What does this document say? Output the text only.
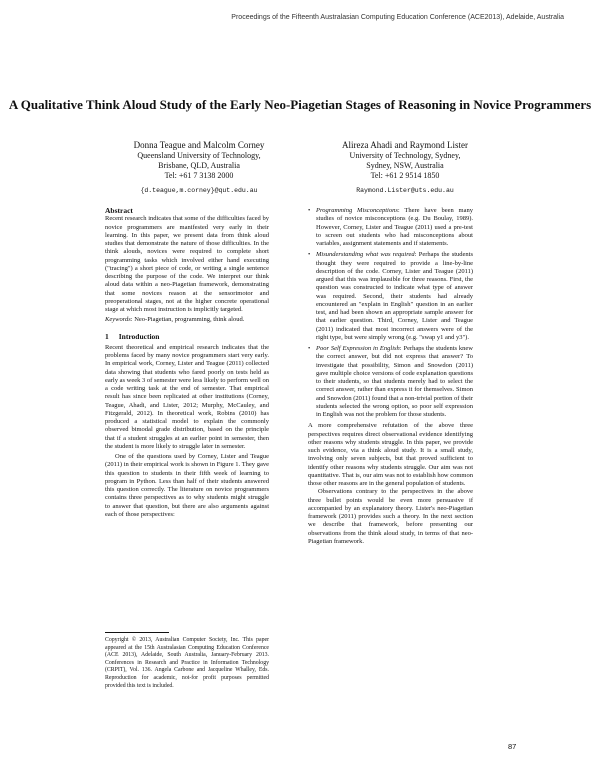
Proceedings of the Fifteenth Australasian Computing Education Conference (ACE2013), Adelaide, Australia
A Qualitative Think Aloud Study of the Early Neo-Piagetian Stages of Reasoning in Novice Programmers
Donna Teague and Malcolm Corney
Queensland University of Technology,
Brisbane, QLD, Australia
Tel: +61 7 3138 2000
{d.teague,m.corney}@qut.edu.au
Alireza Ahadi and Raymond Lister
University of Technology, Sydney,
Sydney, NSW, Australia
Tel: +61 2 9514 1850
Raymond.Lister@uts.edu.au

Abstract

Recent research indicates that some of the difficulties faced by novice programmers are manifested very early in their learning. In this paper, we present data from think aloud studies that demonstrate the nature of those difficulties. In the think alouds, novices were required to complete short programming tasks which involved either hand executing ("tracing") a short piece of code, or writing a single sentence describing the purpose of the code. We interpret our think aloud data within a neo-Piagetian framework, demonstrating that some novices reason at the sensorimotor and preoperational stages, not at the higher concrete operational stage at which most instruction is implicitly targeted.

Keywords: Neo-Piagetian, programming, think aloud.

1 Introduction

Recent theoretical and empirical research indicates that the problems faced by many novice programmers start very early. In empirical work, Corney, Lister and Teague (2011) collected data showing that students who fared poorly on tests held as early as week 3 of semester were less likely to perform well on a code writing task at the end of semester. That empirical result has since been replicated at other institutions (Corney, Teague, Ahadi, and Lister, 2012; Murphy, McCauley, and Fitzgerald, 2012). In theoretical work, Robins (2010) has produced a statistical model to explain the commonly observed bimodal grade distribution, based on the principle that if a student struggles at an earlier point in semester, then the student is more likely to struggle later in semester.

One of the questions used by Corney, Lister and Teague (2011) in their empirical work is shown in Figure 1. They gave this question to students in their fifth week of learning to program in Python. Less than half of their students answered this question correctly. The literature on novice programmers contains three perspectives as to why students might struggle to answer that question, but there are also arguments against each of those perspectives:

• Programming Misconceptions: There have been many studies of novice misconceptions (e.g. Du Boulay, 1989). However, Corney, Lister and Teague (2011) used a pre-test to screen out students who had misconceptions about variables, assignment statements and if statements.
• Misunderstanding what was required: Perhaps the students thought they were required to provide a line-by-line description of the code. Corney, Lister and Teague (2011) argued that this was implausible for three reasons. First, the question was constructed to indicate what type of answer was required. Second, their students had already encountered an "explain in English" question in an earlier test, and had been shown an appropriate sample answer for that earlier question. Third, Corney, Lister and Teague (2011) indicated that most incorrect answers were of the right type, but were simply wrong (e.g. "swap y1 and y3").
• Poor Self Expression in English: Perhaps the students knew the correct answer, but did not express that answer? To investigate that possibility, Simon and Snowdon (2011) gave multiple choice versions of code explanation questions to their students, so that students merely had to select the correct answer, rather than express it for themselves. Simon and Snowdon (2011) found that a non-trivial portion of their students selected the wrong option, so poor self expression in English was not the problem for those students.

A more comprehensive refutation of the above three perspectives requires direct observational evidence identifying other reasons why students struggle. In this paper, we provide such evidence, via a think aloud study. It is a small study, involving only seven subjects, but that proved sufficient to identify other reasons why students struggle. Our aim was not quantitative. That is, our aim was not to establish how common those other reasons are in the general population of students.

Observations contrary to the perspectives in the above three bullet points would be even more persuasive if accompanied by an explanatory theory. Lister's neo-Piagetian framework (2011) provides such a theory. In the next section we describe that framework, before presenting our observations from the think aloud study, in terms of that neo-Piagetian framework.

Copyright © 2013, Australian Computer Society, Inc. This paper appeared at the 15th Australasian Computing Education Conference (ACE 2013), Adelaide, South Australia, January-February 2013. Conferences in Research and Practice in Information Technology (CRPIT), Vol. 136. Angela Carbone and Jacqueline Whalley, Eds. Reproduction for academic, not-for profit purposes permitted provided this text is included.
87
